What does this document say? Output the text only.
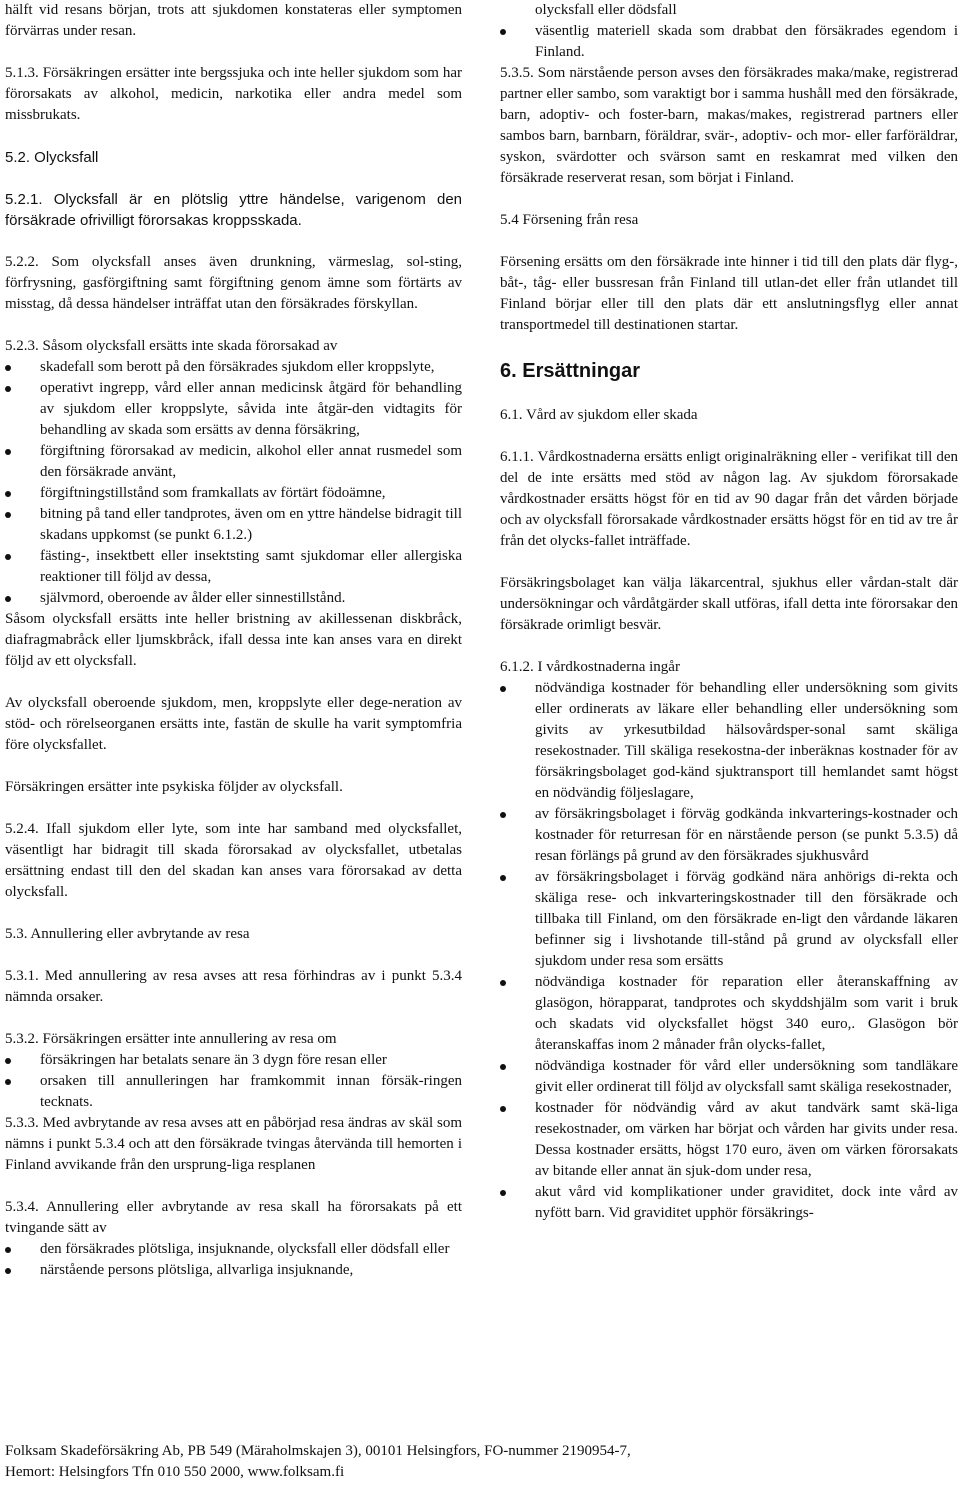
hälft vid resans början, trots att sjukdomen konstateras eller symptomen förvärras under resan.

5.1.3. Försäkringen ersätter inte bergssjuka och inte heller sjukdom som har förorsakats av alkohol, medicin, narkotika eller andra medel som missbrukats.

5.2. Olycksfall

5.2.1. Olycksfall är en plötslig yttre händelse, varigenom den försäkrade ofrivilligt förorsakas kroppsskada.

5.2.2. Som olycksfall anses även drunkning, värmeslag, sol-sting, förfrysning, gasförgiftning samt förgiftning genom ämne som förtärts av misstag, då dessa händelser inträffat utan den försäkrades förskyllan.

5.2.3. Såsom olycksfall ersätts inte skada förorsakad av

skadefall som berott på den försäkrades sjukdom eller kroppslyte,
operativt ingrepp, vård eller annan medicinsk åtgärd för behandling av sjukdom eller kroppslyte, såvida inte åtgär-den vidtagits för behandling av skada som ersätts av denna försäkring,
förgiftning förorsakad av medicin, alkohol eller annat rusmedel som den försäkrade använt,
förgiftningstillstånd som framkallats av förtärt födoämne,
bitning på tand eller tandprotes, även om en yttre händelse bidragit till skadans uppkomst (se punkt 6.1.2.)
fästing-, insektbett eller insektsting samt sjukdomar eller allergiska reaktioner till följd av dessa,
självmord, oberoende av ålder eller sinnestillstånd.

Såsom olycksfall ersätts inte heller bristning av akillessenan diskbråck, diafragmabråck eller ljumskbråck, ifall dessa inte kan anses vara en direkt följd av ett olycksfall.

Av olycksfall oberoende sjukdom, men, kroppslyte eller dege-neration av stöd- och rörelseorganen ersätts inte, fastän de skulle ha varit symptomfria före olycksfallet.

Försäkringen ersätter inte psykiska följder av olycksfall.

5.2.4. Ifall sjukdom eller lyte, som inte har samband med olycksfallet, väsentligt har bidragit till skada förorsakad av olycksfallet, utbetalas ersättning endast till den del skadan kan anses vara förorsakad av detta olycksfall.

5.3. Annullering eller avbrytande av resa

5.3.1. Med annullering av resa avses att resa förhindras av i punkt 5.3.4 nämnda orsaker.

5.3.2. Försäkringen ersätter inte annullering av resa om

försäkringen har betalats senare än 3 dygn före resan eller
orsaken till annulleringen har framkommit innan försäk-ringen tecknats.

5.3.3. Med avbrytande av resa avses att en påbörjad resa ändras av skäl som nämns i punkt 5.3.4 och att den försäkrade tvingas återvända till hemorten i Finland avvikande från den ursprung-liga resplanen

5.3.4. Annullering eller avbrytande av resa skall ha förorsakats på ett tvingande sätt av

den försäkrades plötsliga, insjuknande, olycksfall eller dödsfall eller
närstående persons plötsliga, allvarliga insjuknande,

olycksfall eller dödsfall

väsentlig materiell skada som drabbat den försäkrades egendom i Finland.

5.3.5. Som närstående person avses den försäkrades maka/make, registrerad partner eller sambo, som varaktigt bor i samma hushåll med den försäkrade, barn, adoptiv- och foster-barn, makas/makes, registrerad partners eller sambos barn, barnbarn, föräldrar, svär-, adoptiv- och mor- eller farföräldrar, syskon, svärdotter och svärson samt en reskamrat med vilken den försäkrade reserverat resan, som börjat i Finland.

5.4 Försening från resa

Försening ersätts om den försäkrade inte hinner i tid till den plats där flyg-, båt-, tåg- eller bussresan från Finland till utlan-det eller från utlandet till Finland börjar eller till den plats där ett anslutningsflyg eller annat transportmedel till destinationen startar.

6. Ersättningar

6.1. Vård av sjukdom eller skada

6.1.1. Vårdkostnaderna ersätts enligt originalräkning eller - verifikat till den del de inte ersätts med stöd av någon lag. Av sjukdom förorsakade vårdkostnader ersätts högst för en tid av 90 dagar från det vården började och av olycksfall förorsakade vårdkostnader ersätts högst för en tid av tre år från det olycks-fallet inträffade.

Försäkringsbolaget kan välja läkarcentral, sjukhus eller vårdan-stalt där undersökningar och vårdåtgärder skall utföras, ifall detta inte förorsakar den försäkrade orimligt besvär.

6.1.2. I vårdkostnaderna ingår

nödvändiga kostnader för behandling eller undersökning som givits eller ordinerats av läkare eller behandling eller undersökning som givits av yrkesutbildad hälsovårdsper-sonal samt skäliga resekostnader. Till skäliga resekostna-der inberäknas kostnader för av försäkringsbolaget god-känd sjuktransport till hemlandet samt högst en nödvändig följeslagare,
av försäkringsbolaget i förväg godkända inkvarterings-kostnader och kostnader för returresan för en närstående person (se punkt 5.3.5) då resan förlängs på grund av den försäkrades sjukhusvård
av försäkringsbolaget i förväg godkänd nära anhörigs di-rekta och skäliga rese- och inkvarteringskostnader till den försäkrade och tillbaka till Finland, om den försäkrade en-ligt den vårdande läkaren befinner sig i livshotande till-stånd på grund av olycksfall eller sjukdom under resa som ersätts
nödvändiga kostnader för reparation eller återanskaffning av glasögon, hörapparat, tandprotes och skyddshjälm som varit i bruk och skadats vid olycksfallet högst 340 euro,. Glasögon bör återanskaffas inom 2 månader från olycks-fallet,
nödvändiga kostnader för vård eller undersökning som tandläkare givit eller ordinerat till följd av olycksfall samt skäliga resekostnader,
kostnader för nödvändig vård av akut tandvärk samt skä-liga resekostnader, om värken har börjat och vården har givits under resa. Dessa kostnader ersätts, högst 170 euro, även om värken förorsakats av bitande eller annat än sjuk-dom under resa,
akut vård vid komplikationer under graviditet, dock inte vård av nyfött barn. Vid graviditet upphör försäkrings-
Folksam Skadeförsäkring Ab, PB 549 (Märaholmskajen 3), 00101 Helsingfors, FO-nummer 2190954-7,
Hemort: Helsingfors Tfn 010 550 2000, www.folksam.fi
